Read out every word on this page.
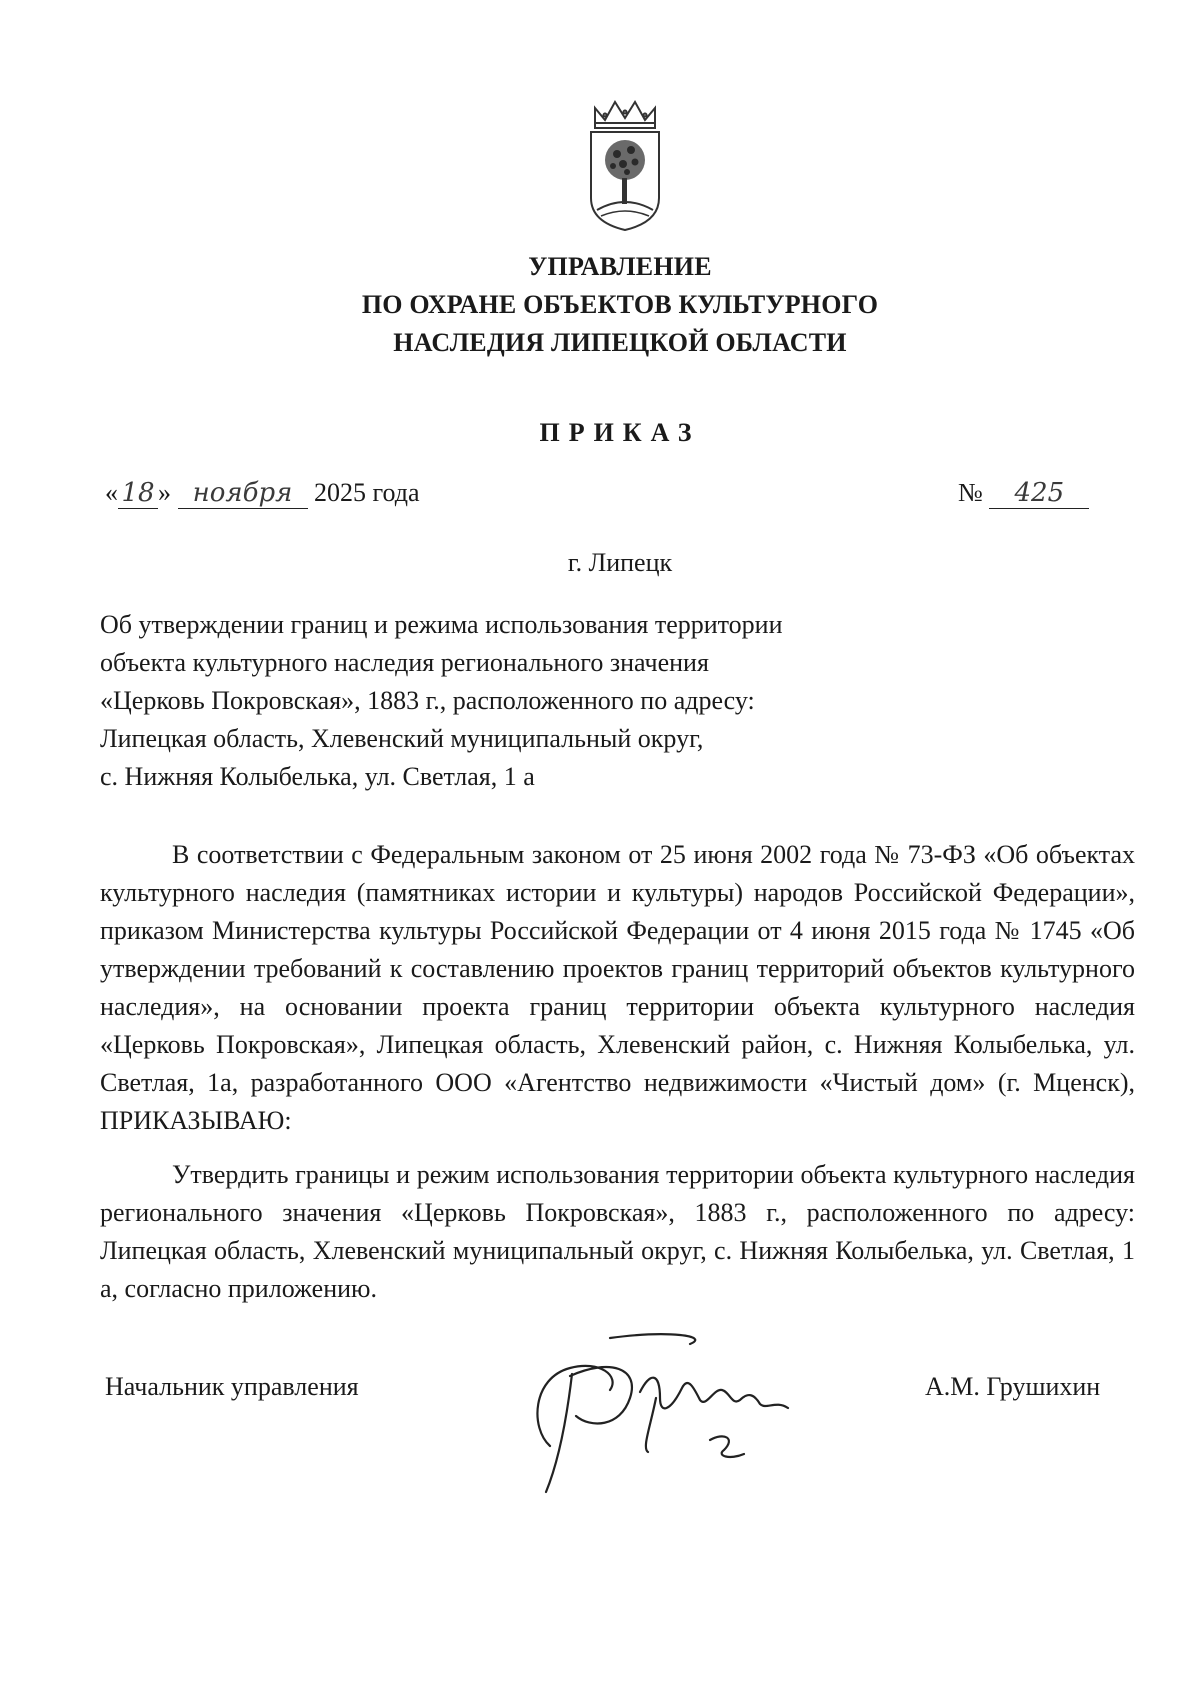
УПРАВЛЕНИЕ
ПО ОХРАНЕ ОБЪЕКТОВ КУЛЬТУРНОГО
НАСЛЕДИЯ ЛИПЕЦКОЙ ОБЛАСТИ
ПРИКАЗ
« 18 » ноября 2025 года	№ 425
г. Липецк
Об утверждении границ и режима использования территории
объекта культурного наследия регионального значения
«Церковь Покровская», 1883 г., расположенного по адресу:
Липецкая область, Хлевенский муниципальный округ,
с. Нижняя Колыбелька, ул. Светлая, 1 а
В соответствии с Федеральным законом от 25 июня 2002 года № 73-ФЗ «Об объектах культурного наследия (памятниках истории и культуры) народов Российской Федерации», приказом Министерства культуры Российской Федерации от 4 июня 2015 года № 1745 «Об утверждении требований к составлению проектов границ территорий объектов культурного наследия», на основании проекта границ территории объекта культурного наследия «Церковь Покровская», Липецкая область, Хлевенский район, с. Нижняя Колыбелька, ул. Светлая, 1а, разработанного ООО «Агентство недвижимости «Чистый дом» (г. Мценск), ПРИКАЗЫВАЮ:
Утвердить границы и режим использования территории объекта культурного наследия регионального значения «Церковь Покровская», 1883 г., расположенного по адресу: Липецкая область, Хлевенский муниципальный округ, с. Нижняя Колыбелька, ул. Светлая, 1 а, согласно приложению.
Начальник управления	А.М. Грушихин
